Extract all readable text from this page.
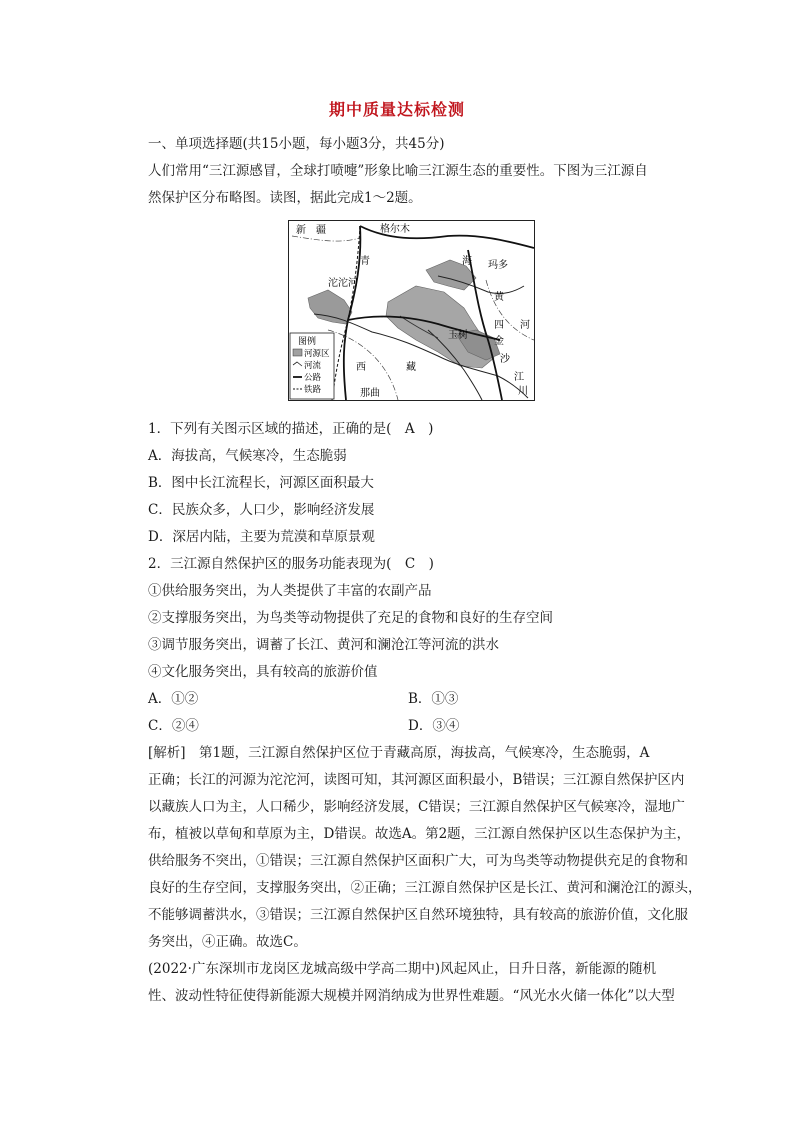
期中质量达标检测
一、单项选择题(共15小题，每小题3分，共45分)
人们常用“三江源感冒，全球打喷嚏”形象比喻三江源生态的重要性。下图为三江源自
然保护区分布略图。读图，据此完成1～2题。
新 疆	格尔木
青	海 玛多
沱沱河
黄
河
四
玉树
金
沙
西	藏
江
川
那曲
图例
河源区
河流
公路
铁路
1．下列有关图示区域的描述，正确的是(　A　)
A．海拔高，气候寒冷，生态脆弱
B．图中长江流程长，河源区面积最大
C．民族众多，人口少，影响经济发展
D．深居内陆，主要为荒漠和草原景观
2．三江源自然保护区的服务功能表现为(　C　)
①供给服务突出，为人类提供了丰富的农副产品
②支撑服务突出，为鸟类等动物提供了充足的食物和良好的生存空间
③调节服务突出，调蓄了长江、黄河和澜沧江等河流的洪水
④文化服务突出，具有较高的旅游价值
A．①②	B．①③
C．②④	D．③④
[解析]　第1题，三江源自然保护区位于青藏高原，海拔高，气候寒冷，生态脆弱，A
正确；长江的河源为沱沱河，读图可知，其河源区面积最小，B错误；三江源自然保护区内
以藏族人口为主，人口稀少，影响经济发展，C错误；三江源自然保护区气候寒冷，湿地广
布，植被以草甸和草原为主，D错误。故选A。第2题，三江源自然保护区以生态保护为主，
供给服务不突出，①错误；三江源自然保护区面积广大，可为鸟类等动物提供充足的食物和
良好的生存空间，支撑服务突出，②正确；三江源自然保护区是长江、黄河和澜沧江的源头，
不能够调蓄洪水，③错误；三江源自然保护区自然环境独特，具有较高的旅游价值，文化服
务突出，④正确。故选C。
(2022·广东深圳市龙岗区龙城高级中学高二期中)风起风止，日升日落，新能源的随机
性、波动性特征使得新能源大规模并网消纳成为世界性难题。“风光水火储一体化”以大型
